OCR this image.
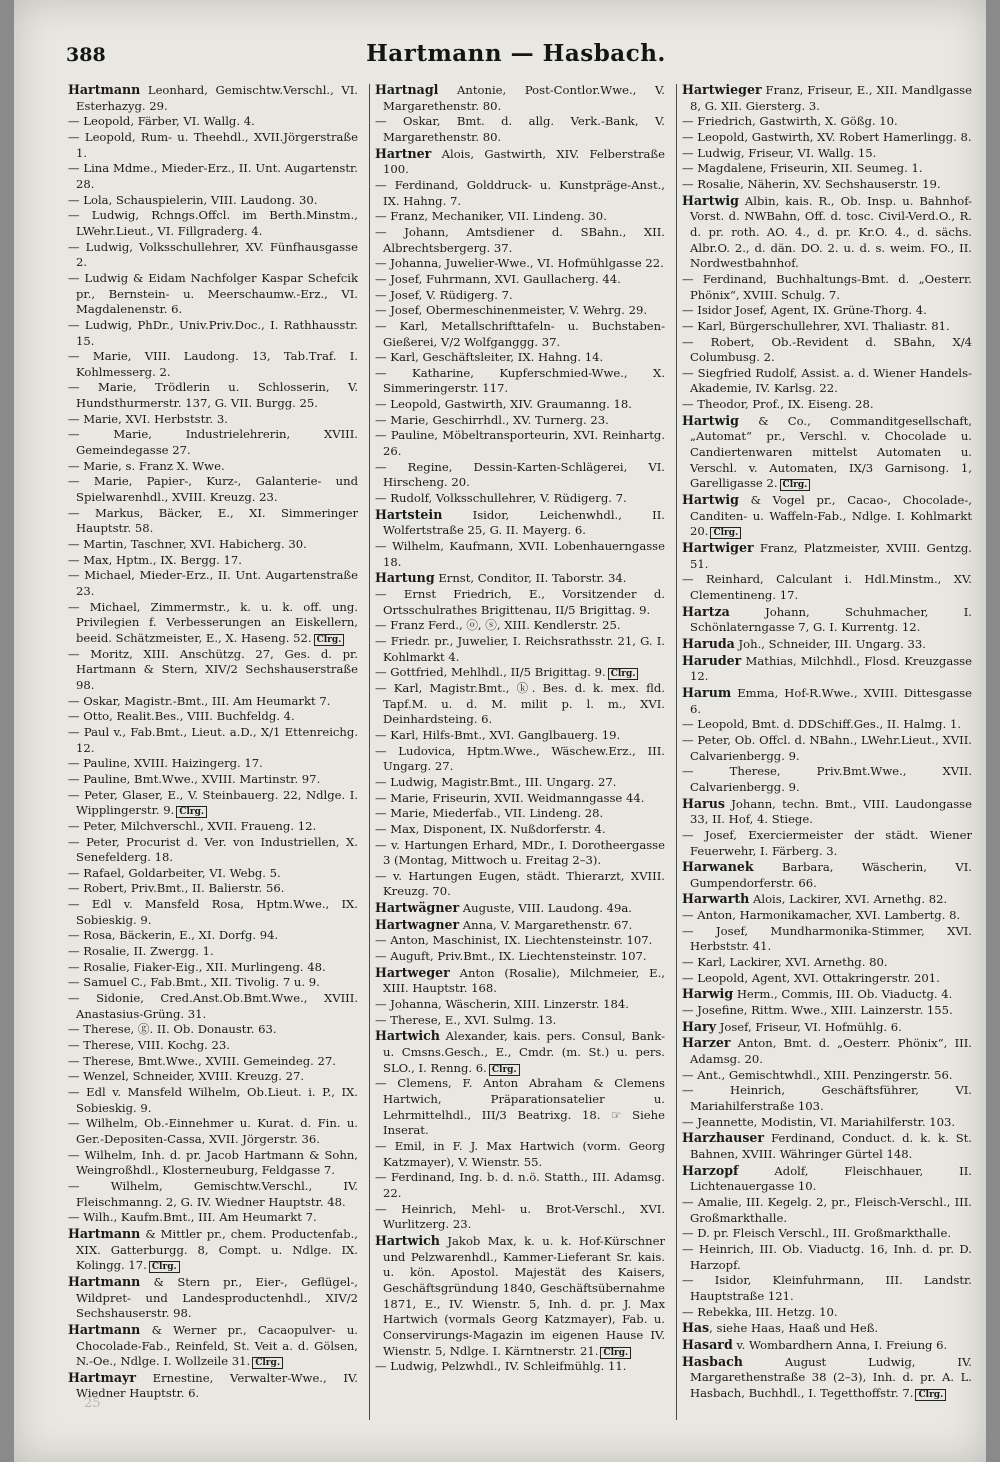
388	Hartmann — Hasbach.
Hartmann Leonhard, Gemischtw.Verschl., VI. Esterhazyg. 29.
— Leopold, Färber, VI. Wallg. 4.
— Leopold, Rum- u. Theehdl., XVII.Jörgerstraße 1.
— Lina Mdme., Mieder-Erz., II. Unt. Augartenstr. 28.
— Lola, Schauspielerin, VIII. Laudong. 30.
— Ludwig, Rchngs.Offcl. im Berth.Minstm., LWehr.Lieut., VI. Fillgraderg. 4.
— Ludwig, Volksschullehrer, XV. Fünfhausgasse 2.
— Ludwig & Eidam Nachfolger Kaspar Schefcik pr., Bernstein- u. Meerschaumw.-Erz., VI. Magdalenenstr. 6.
— Ludwig, PhDr., Univ.Priv.Doc., I. Rathhausstr. 15.
— Marie, VIII. Laudong. 13, Tab.Traf. I. Kohlmesserg. 2.
— Marie, Trödlerin u. Schlosserin, V. Hundsthurmerstr. 137, G. VII. Burgg. 25.
— Marie, XVI. Herbststr. 3.
— Marie, Industrielehrerin, XVIII. Gemeindegasse 27.
— Marie, s. Franz X. Wwe.
— Marie, Papier-, Kurz-, Galanterie- und Spielwarenhdl., XVIII. Kreuzg. 23.
— Markus, Bäcker, E., XI. Simmeringer Hauptstr. 58.
— Martin, Taschner, XVI. Habicherg. 30.
— Max, Hptm., IX. Bergg. 17.
— Michael, Mieder-Erz., II. Unt. Augartenstraße 23.
— Michael, Zimmermstr., k. u. k. off. ung. Privilegien f. Verbesserungen an Eiskellern, beeid. Schätzmeister, E., X. Haseng. 52. Clrg.
— Moritz, XIII. Anschützg. 27, Ges. d. pr. Hartmann & Stern, XIV/2 Sechshauserstraße 98.
— Oskar, Magistr.-Bmt., III. Am Heumarkt 7.
— Otto, Realit.Bes., VIII. Buchfeldg. 4.
— Paul v., Fab.Bmt., Lieut. a.D., X/1 Ettenreichg. 12.
— Pauline, XVIII. Haizingerg. 17.
— Pauline, Bmt.Wwe., XVIII. Martinstr. 97.
— Peter, Glaser, E., V. Steinbauerg. 22, Ndlge. I. Wipplingerstr. 9. Clrg.
— Peter, Milchverschl., XVII. Fraueng. 12.
— Peter, Procurist d. Ver. von Industriellen, X. Senefelderg. 18.
— Rafael, Goldarbeiter, VI. Webg. 5.
— Robert, Priv.Bmt., II. Balierstr. 56.
— Edl v. Mansfeld Rosa, Hptm.Wwe., IX. Sobieskig. 9.
— Rosa, Bäckerin, E., XI. Dorfg. 94.
— Rosalie, II. Zwergg. 1.
— Rosalie, Fiaker-Eig., XII. Murlingeng. 48.
— Samuel C., Fab.Bmt., XII. Tivolig. 7 u. 9.
— Sidonie, Cred.Anst.Ob.Bmt.Wwe., XVIII. Anastasius-Grüng. 31.
— Therese, ⓖ. II. Ob. Donaustr. 63.
— Therese, VIII. Kochg. 23.
— Therese, Bmt.Wwe., XVIII. Gemeindeg. 27.
— Wenzel, Schneider, XVIII. Kreuzg. 27.
— Edl v. Mansfeld Wilhelm, Ob.Lieut. i. P., IX. Sobieskig. 9.
— Wilhelm, Ob.-Einnehmer u. Kurat. d. Fin. u. Ger.-Depositen-Cassa, XVII. Jörgerstr. 36.
— Wilhelm, Inh. d. pr. Jacob Hartmann & Sohn, Weingroßhdl., Klosterneuburg, Feldgasse 7.
— Wilhelm, Gemischtw.Verschl., IV. Fleischmanng. 2, G. IV. Wiedner Hauptstr. 48.
— Wilh., Kaufm.Bmt., III. Am Heumarkt 7.
Hartmann & Mittler pr., chem. Productenfab., XIX. Gatterburgg. 8, Compt. u. Ndlge. IX. Kolingg. 17. Clrg.
Hartmann & Stern pr., Eier-, Geflügel-, Wildpret- und Landesproductenhdl., XIV/2 Sechshauserstr. 98.
Hartmann & Werner pr., Cacaopulver- u. Chocolade-Fab., Reinfeld, St. Veit a. d. Gölsen, N.-Oe., Ndlge. I. Wollzeile 31. Clrg.
Hartmayr Ernestine, Verwalter-Wwe., IV. Wiedner Hauptstr. 6.
Hartnagl Antonie, Post-Contlor.Wwe., V. Margarethenstr. 80.
— Oskar, Bmt. d. allg. Verk.-Bank, V. Margarethenstr. 80.
Hartner Alois, Gastwirth, XIV. Felberstraße 100.
— Ferdinand, Golddruck- u. Kunstpräge-Anst., IX. Hahng. 7.
— Franz, Mechaniker, VII. Lindeng. 30.
— Johann, Amtsdiener d. SBahn., XII. Albrechtsbergerg. 37.
— Johanna, Juwelier-Wwe., VI. Hofmühlgasse 22.
— Josef, Fuhrmann, XVI. Gaullacherg. 44.
— Josef, V. Rüdigerg. 7.
— Josef, Obermeschinenmeister, V. Wehrg. 29.
— Karl, Metallschrifttafeln- u. Buchstaben-Gießerei, V/2 Wolfganggg. 37.
— Karl, Geschäftsleiter, IX. Hahng. 14.
— Katharine, Kupferschmied-Wwe., X. Simmeringerstr. 117.
— Leopold, Gastwirth, XIV. Graumanng. 18.
— Marie, Geschirrhdl., XV. Turnerg. 23.
— Pauline, Möbeltransporteurin, XVI. Reinhartg. 26.
— Regine, Dessin-Karten-Schlägerei, VI. Hirscheng. 20.
— Rudolf, Volksschullehrer, V. Rüdigerg. 7.
Hartstein Isidor, Leichenwhdl., II. Wolfertstraße 25, G. II. Mayerg. 6.
— Wilhelm, Kaufmann, XVII. Lobenhauerngasse 18.
Hartung Ernst, Conditor, II. Taborstr. 34.
— Ernst Friedrich, E., Vorsitzender d. Ortsschulrathes Brigittenau, II/5 Brigittag. 9.
— Franz Ferd., ⓞ, ⓢ, XIII. Kendlerstr. 25.
— Friedr. pr., Juwelier, I. Reichsrathsstr. 21, G. I. Kohlmarkt 4.
— Gottfried, Mehlhdl., II/5 Brigittag. 9. Clrg.
— Karl, Magistr.Bmt., ⓚ. Bes. d. k. mex. fld. Tapf.M. u. d. M. milit p. l. m., XVI. Deinhardsteing. 6.
— Karl, Hilfs-Bmt., XVI. Ganglbauerg. 19.
— Ludovica, Hptm.Wwe., Wäschew.Erz., III. Ungarg. 27.
— Ludwig, Magistr.Bmt., III. Ungarg. 27.
— Marie, Friseurin, XVII. Weidmanngasse 44.
— Marie, Miederfab., VII. Lindeng. 28.
— Max, Disponent, IX. Nußdorferstr. 4.
— v. Hartungen Erhard, MDr., I. Dorotheergasse 3 (Montag, Mittwoch u. Freitag 2–3).
— v. Hartungen Eugen, städt. Thierarzt, XVIII. Kreuzg. 70.
Hartwägner Auguste, VIII. Laudong. 49a.
Hartwagner Anna, V. Margarethenstr. 67.
— Anton, Maschinist, IX. Liechtensteinstr. 107.
— Auguft, Priv.Bmt., IX. Liechtensteinstr. 107.
Hartweger Anton (Rosalie), Milchmeier, E., XIII. Hauptstr. 168.
— Johanna, Wäscherin, XIII. Linzerstr. 184.
— Therese, E., XVI. Sulmg. 13.
Hartwich Alexander, kais. pers. Consul, Bank- u. Cmsns.Gesch., E., Cmdr. (m. St.) u. pers. SLO., I. Renng. 6. Clrg.
— Clemens, F. Anton Abraham & Clemens Hartwich, Präparationsatelier u. Lehrmittelhdl., III/3 Beatrixg. 18. ☞ Siehe Inserat.
— Emil, in F. J. Max Hartwich (vorm. Georg Katzmayer), V. Wienstr. 55.
— Ferdinand, Ing. b. d. n.ö. Statth., III. Adamsg. 22.
— Heinrich, Mehl- u. Brot-Verschl., XVI. Wurlitzerg. 23.
Hartwich Jakob Max, k. u. k. Hof-Kürschner und Pelzwarenhdl., Kammer-Lieferant Sr. kais. u. kön. Apostol. Majestät des Kaisers, Geschäftsgründung 1840, Geschäftsübernahme 1871, E., IV. Wienstr. 5, Inh. d. pr. J. Max Hartwich (vormals Georg Katzmayer), Fab. u. Conservirungs-Magazin im eigenen Hause IV. Wienstr. 5, Ndlge. I. Kärntnerstr. 21. Clrg.
— Ludwig, Pelzwhdl., IV. Schleifmühlg. 11.
Hartwieger Franz, Friseur, E., XII. Mandlgasse 8, G. XII. Giersterg. 3.
— Friedrich, Gastwirth, X. Gößg. 10.
— Leopold, Gastwirth, XV. Robert Hamerlingg. 8.
— Ludwig, Friseur, VI. Wallg. 15.
— Magdalene, Friseurin, XII. Seumeg. 1.
— Rosalie, Näherin, XV. Sechshauserstr. 19.
Hartwig Albin, kais. R., Ob. Insp. u. Bahnhof-Vorst. d. NWBahn, Off. d. tosc. Civil-Verd.O., R. d. pr. roth. AO. 4., d. pr. Kr.O. 4., d. sächs. Albr.O. 2., d. dän. DO. 2. u. d. s. weim. FO., II. Nordwestbahnhof.
— Ferdinand, Buchhaltungs-Bmt. d. „Oesterr. Phönix“, XVIII. Schulg. 7.
— Isidor Josef, Agent, IX. Grüne-Thorg. 4.
— Karl, Bürgerschullehrer, XVI. Thaliastr. 81.
— Robert, Ob.-Revident d. SBahn, X/4 Columbusg. 2.
— Siegfried Rudolf, Assist. a. d. Wiener Handels-Akademie, IV. Karlsg. 22.
— Theodor, Prof., IX. Eiseng. 28.
Hartwig & Co., Commanditgesellschaft, „Automat“ pr., Verschl. v. Chocolade u. Candiertenwaren mittelst Automaten u. Verschl. v. Automaten, IX/3 Garnisong. 1, Garelligasse 2. Clrg.
Hartwig & Vogel pr., Cacao-, Chocolade-, Canditen- u. Waffeln-Fab., Ndlge. I. Kohlmarkt 20. Clrg.
Hartwiger Franz, Platzmeister, XVIII. Gentzg. 51.
— Reinhard, Calculant i. Hdl.Minstm., XV. Clementineng. 17.
Hartza Johann, Schuhmacher, I. Schönlaterngasse 7, G. I. Kurrentg. 12.
Haruda Joh., Schneider, III. Ungarg. 33.
Haruder Mathias, Milchhdl., Flosd. Kreuzgasse 12.
Harum Emma, Hof-R.Wwe., XVIII. Dittesgasse 6.
— Leopold, Bmt. d. DDSchiff.Ges., II. Halmg. 1.
— Peter, Ob. Offcl. d. NBahn., LWehr.Lieut., XVII. Calvarienbergg. 9.
— Therese, Priv.Bmt.Wwe., XVII. Calvarienbergg. 9.
Harus Johann, techn. Bmt., VIII. Laudongasse 33, II. Hof, 4. Stiege.
— Josef, Exerciermeister der städt. Wiener Feuerwehr, I. Färberg. 3.
Harwanek Barbara, Wäscherin, VI. Gumpendorferstr. 66.
Harwarth Alois, Lackirer, XVI. Arnethg. 82.
— Anton, Harmonikamacher, XVI. Lambertg. 8.
— Josef, Mundharmonika-Stimmer, XVI. Herbststr. 41.
— Karl, Lackirer, XVI. Arnethg. 80.
— Leopold, Agent, XVI. Ottakringerstr. 201.
Harwig Herm., Commis, III. Ob. Viaductg. 4.
— Josefine, Rittm. Wwe., XIII. Lainzerstr. 155.
Hary Josef, Friseur, VI. Hofmühlg. 6.
Harzer Anton, Bmt. d. „Oesterr. Phönix“, III. Adamsg. 20.
— Ant., Gemischtwhdl., XIII. Penzingerstr. 56.
— Heinrich, Geschäftsführer, VI. Mariahilferstraße 103.
— Jeannette, Modistin, VI. Mariahilferstr. 103.
Harzhauser Ferdinand, Conduct. d. k. k. St. Bahnen, XVIII. Währinger Gürtel 148.
Harzopf Adolf, Fleischhauer, II. Lichtenauergasse 10.
— Amalie, III. Kegelg. 2, pr., Fleisch-Verschl., III. Großmarkthalle.
— D. pr. Fleisch Verschl., III. Großmarkthalle.
— Heinrich, III. Ob. Viaductg. 16, Inh. d. pr. D. Harzopf.
— Isidor, Kleinfuhrmann, III. Landstr. Hauptstraße 121.
— Rebekka, III. Hetzg. 10.
Has, siehe Haas, Haaß und Heß.
Hasard v. Wombardhern Anna, I. Freiung 6.
Hasbach August Ludwig, IV. Margarethenstraße 38 (2–3), Inh. d. pr. A. L. Hasbach, Buchhdl., I. Tegetthoffstr. 7. Clrg.
25
